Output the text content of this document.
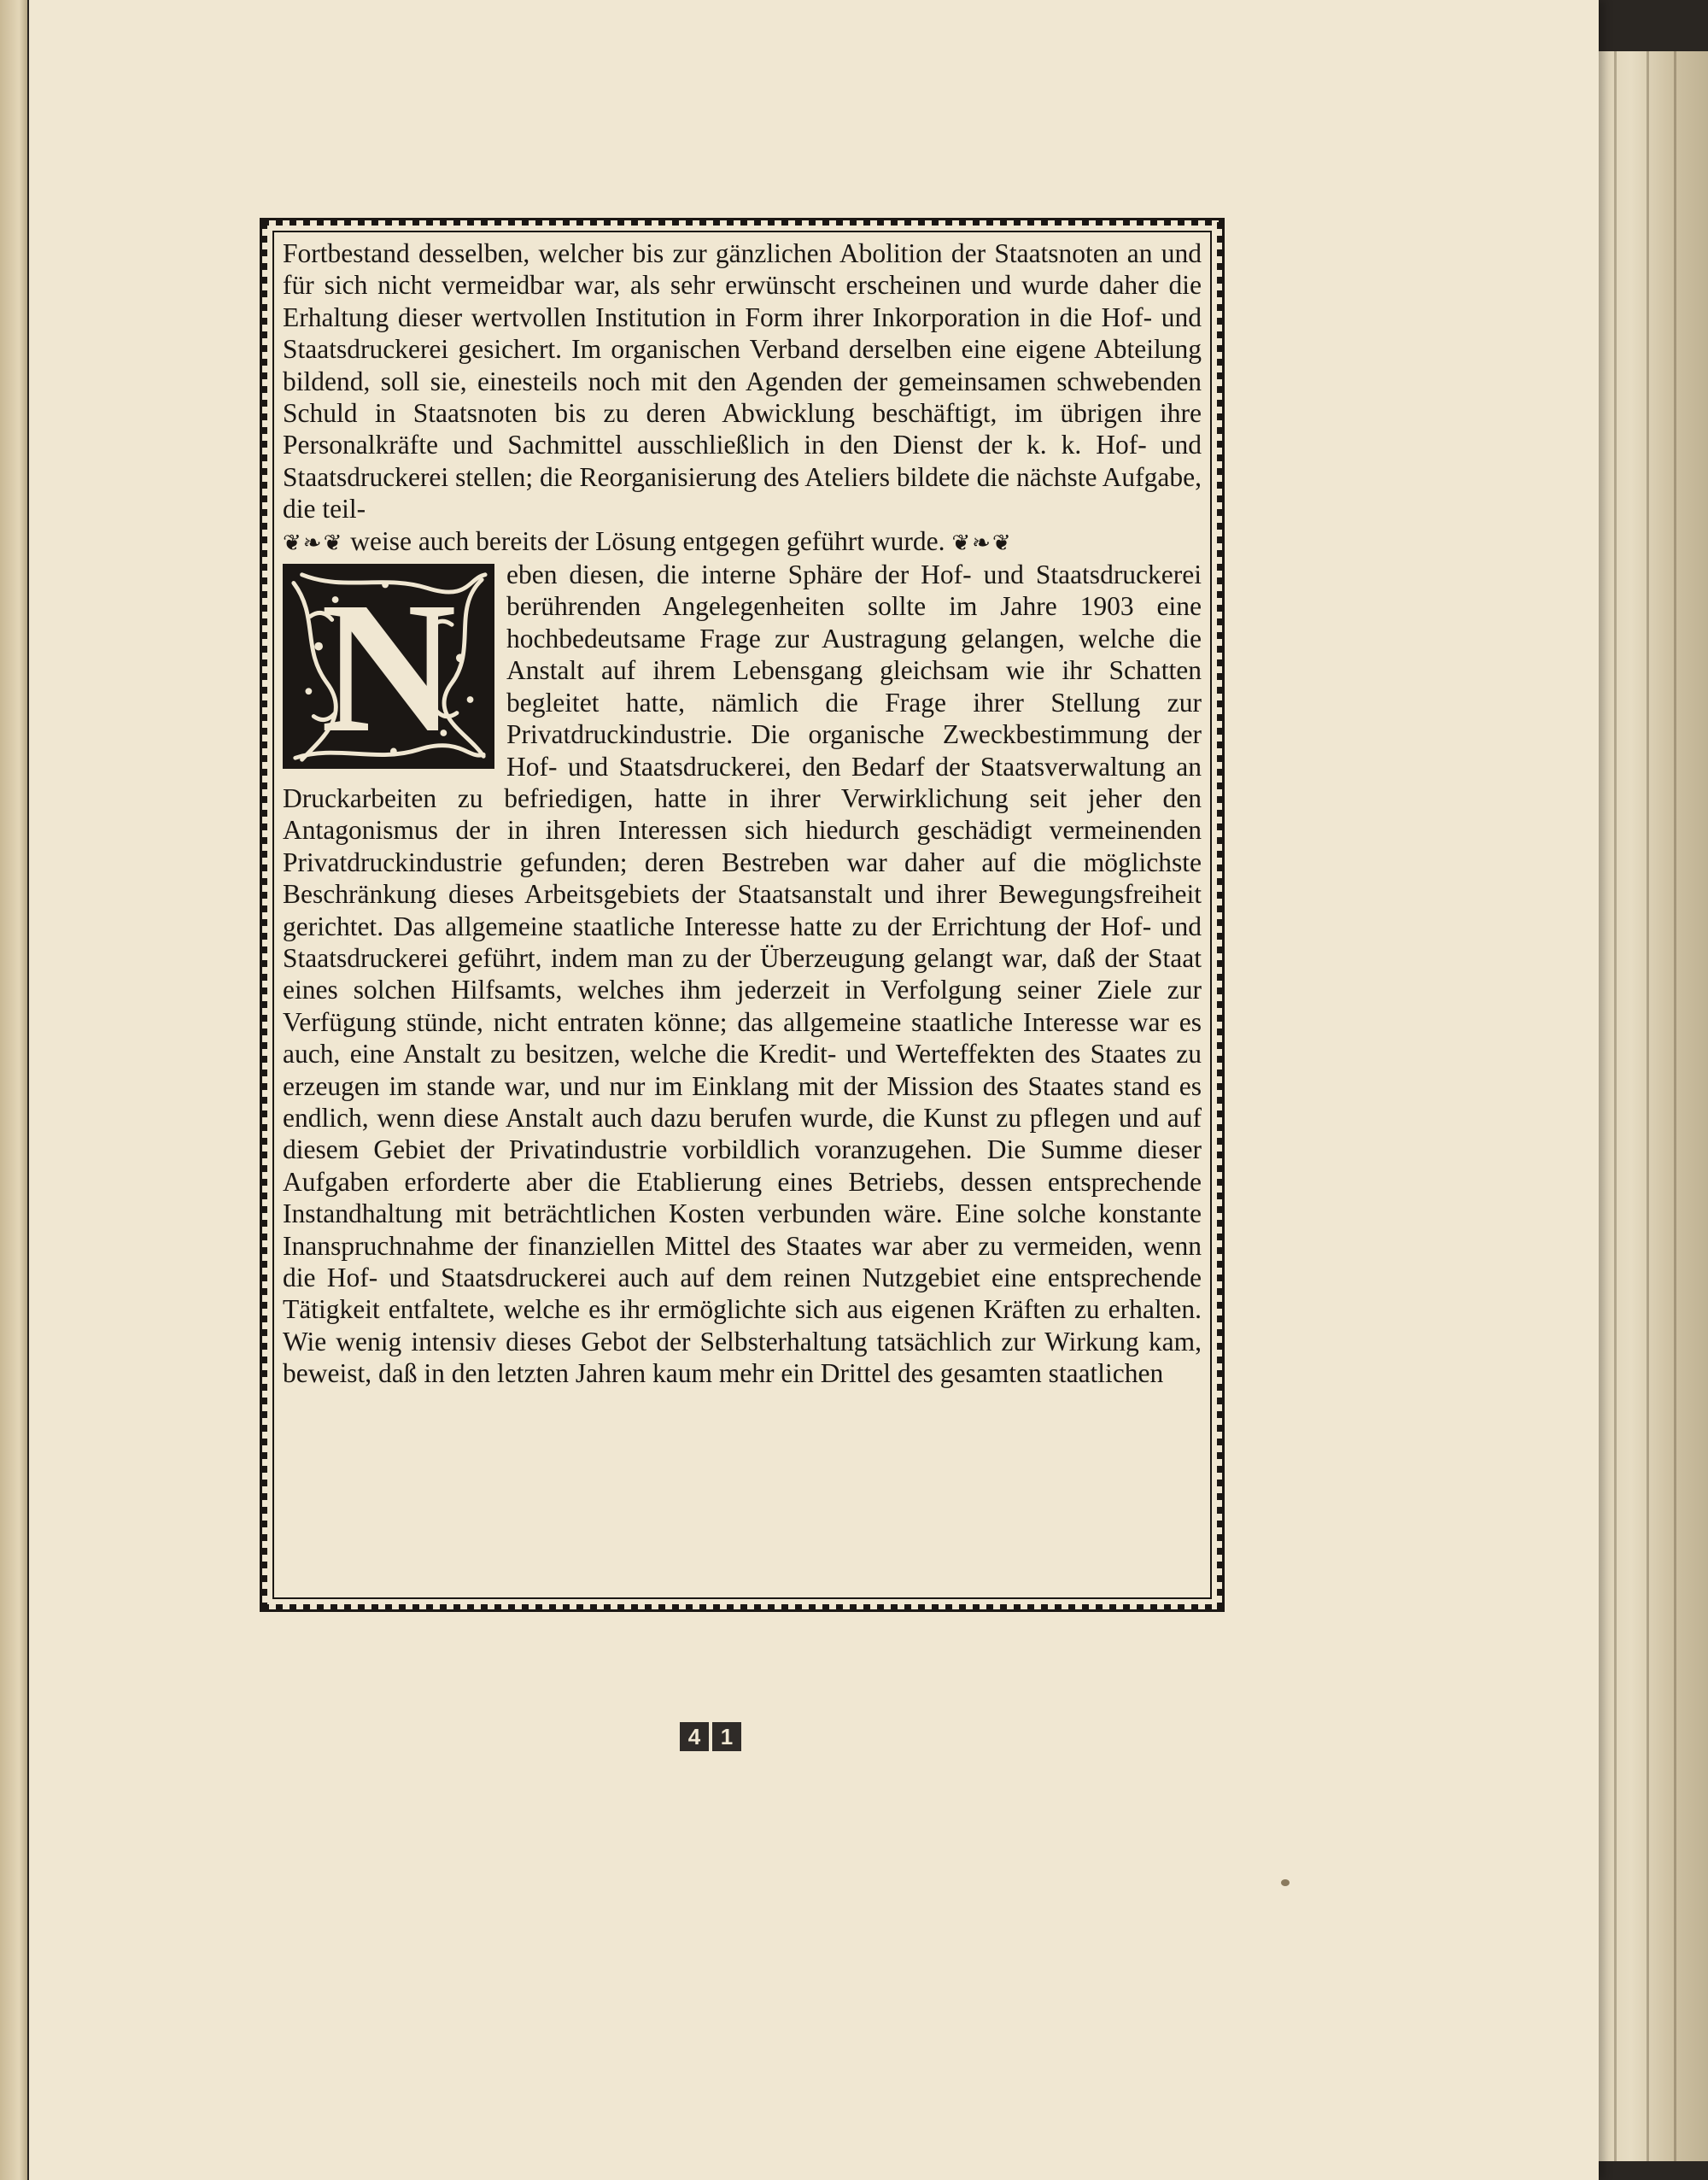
Fortbestand desselben, welcher bis zur gänzlichen Abolition der Staatsnoten an und für sich nicht vermeidbar war, als sehr erwünscht erscheinen und wurde daher die Erhaltung dieser wertvollen Institution in Form ihrer Inkorporation in die Hof- und Staatsdruckerei gesichert. Im organischen Verband derselben eine eigene Abteilung bildend, soll sie, einesteils noch mit den Agenden der gemeinsamen schwebenden Schuld in Staatsnoten bis zu deren Abwicklung beschäftigt, im übrigen ihre Personalkräfte und Sachmittel ausschließlich in den Dienst der k. k. Hof- und Staatsdruckerei stellen; die Reorganisierung des Ateliers bildete die nächste Aufgabe, die teil-
❦❧❦ weise auch bereits der Lösung entgegen geführt wurde. ❦❧❦

N	eben diesen, die interne Sphäre der Hof- und Staatsdruckerei berührenden Angelegenheiten sollte im Jahre 1903 eine hochbedeutsame Frage zur Austragung gelangen, welche die Anstalt auf ihrem Lebensgang gleichsam wie ihr Schatten begleitet hatte, nämlich die Frage ihrer Stellung zur Privatdruckindustrie. Die organische Zweckbestimmung der Hof- und Staatsdruckerei, den Bedarf der Staatsverwaltung an Druckarbeiten zu befriedigen, hatte in ihrer Verwirklichung seit jeher den Antagonismus der in ihren Interessen sich hiedurch geschädigt vermeinenden Privatdruckindustrie gefunden; deren Bestreben war daher auf die möglichste Beschränkung dieses Arbeitsgebiets der Staatsanstalt und ihrer Bewegungsfreiheit gerichtet. Das allgemeine staatliche Interesse hatte zu der Errichtung der Hof- und Staatsdruckerei geführt, indem man zu der Überzeugung gelangt war, daß der Staat eines solchen Hilfsamts, welches ihm jederzeit in Verfolgung seiner Ziele zur Verfügung stünde, nicht entraten könne; das allgemeine staatliche Interesse war es auch, eine Anstalt zu besitzen, welche die Kredit- und Werteffekten des Staates zu erzeugen im stande war, und nur im Einklang mit der Mission des Staates stand es endlich, wenn diese Anstalt auch dazu berufen wurde, die Kunst zu pflegen und auf diesem Gebiet der Privatindustrie vorbildlich voranzugehen. Die Summe dieser Aufgaben erforderte aber die Etablierung eines Betriebs, dessen entsprechende Instandhaltung mit beträchtlichen Kosten verbunden wäre. Eine solche konstante Inanspruchnahme der finanziellen Mittel des Staates war aber zu vermeiden, wenn die Hof- und Staatsdruckerei auch auf dem reinen Nutzgebiet eine entsprechende Tätigkeit entfaltete, welche es ihr ermöglichte sich aus eigenen Kräften zu erhalten. Wie wenig intensiv dieses Gebot der Selbsterhaltung tatsächlich zur Wirkung kam, beweist, daß in den letzten Jahren kaum mehr ein Drittel des gesamten staatlichen

4 1
